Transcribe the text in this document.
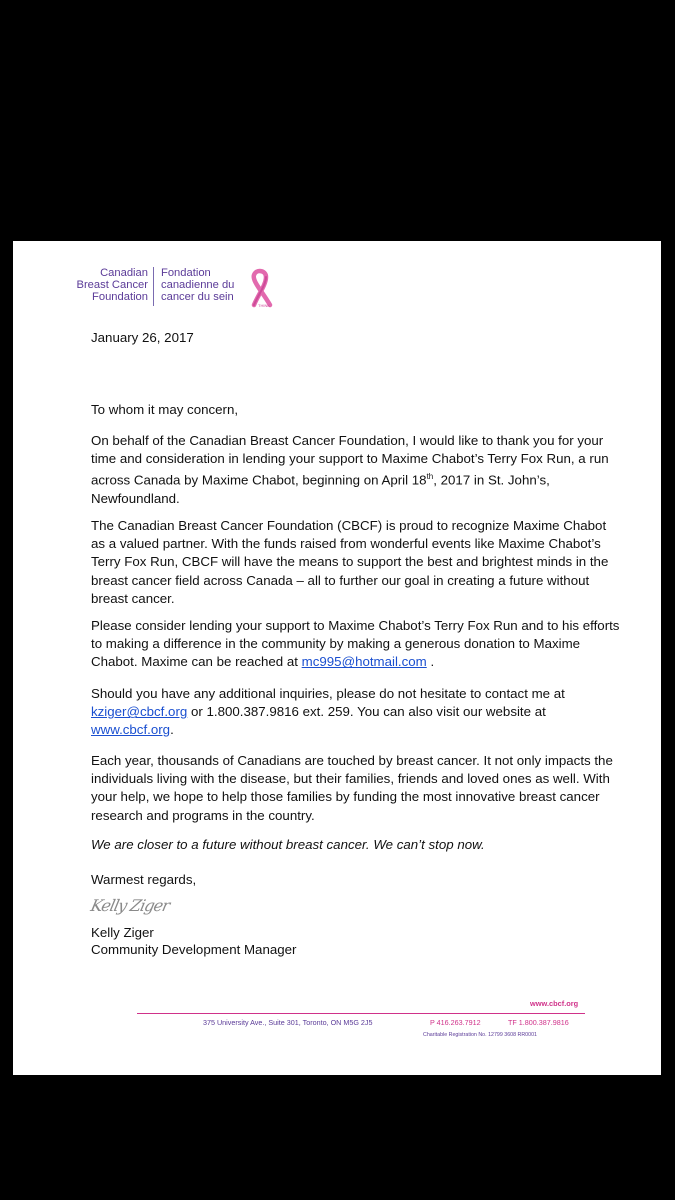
Canadian
Breast Cancer
Foundation
Fondation
canadienne du
cancer du sein
THINK
January 26, 2017
To whom it may concern,
On behalf of the Canadian Breast Cancer Foundation, I would like to thank you for your time and consideration in lending your support to Maxime Chabot’s Terry Fox Run, a run across Canada by Maxime Chabot, beginning on April 18th, 2017 in St. John’s, Newfoundland.
The Canadian Breast Cancer Foundation (CBCF) is proud to recognize Maxime Chabot as a valued partner. With the funds raised from wonderful events like Maxime Chabot’s Terry Fox Run, CBCF will have the means to support the best and brightest minds in the breast cancer field across Canada – all to further our goal in creating a future without breast cancer.
Please consider lending your support to Maxime Chabot’s Terry Fox Run and to his efforts to making a difference in the community by making a generous donation to Maxime Chabot. Maxime can be reached at mc995@hotmail.com .
Should you have any additional inquiries, please do not hesitate to contact me at kziger@cbcf.org or 1.800.387.9816 ext. 259. You can also visit our website at www.cbcf.org.
Each year, thousands of Canadians are touched by breast cancer. It not only impacts the individuals living with the disease, but their families, friends and loved ones as well. With your help, we hope to help those families by funding the most innovative breast cancer research and programs in the country.
We are closer to a future without breast cancer. We can’t stop now.
Warmest regards,
Kelly Ziger
Kelly Ziger
Community Development Manager
www.cbcf.org
375 University Ave., Suite 301, Toronto, ON M5G 2J5	P 416.263.7912	TF 1.800.387.9816
Charitable Registration No. 12799 3608 RR0001
